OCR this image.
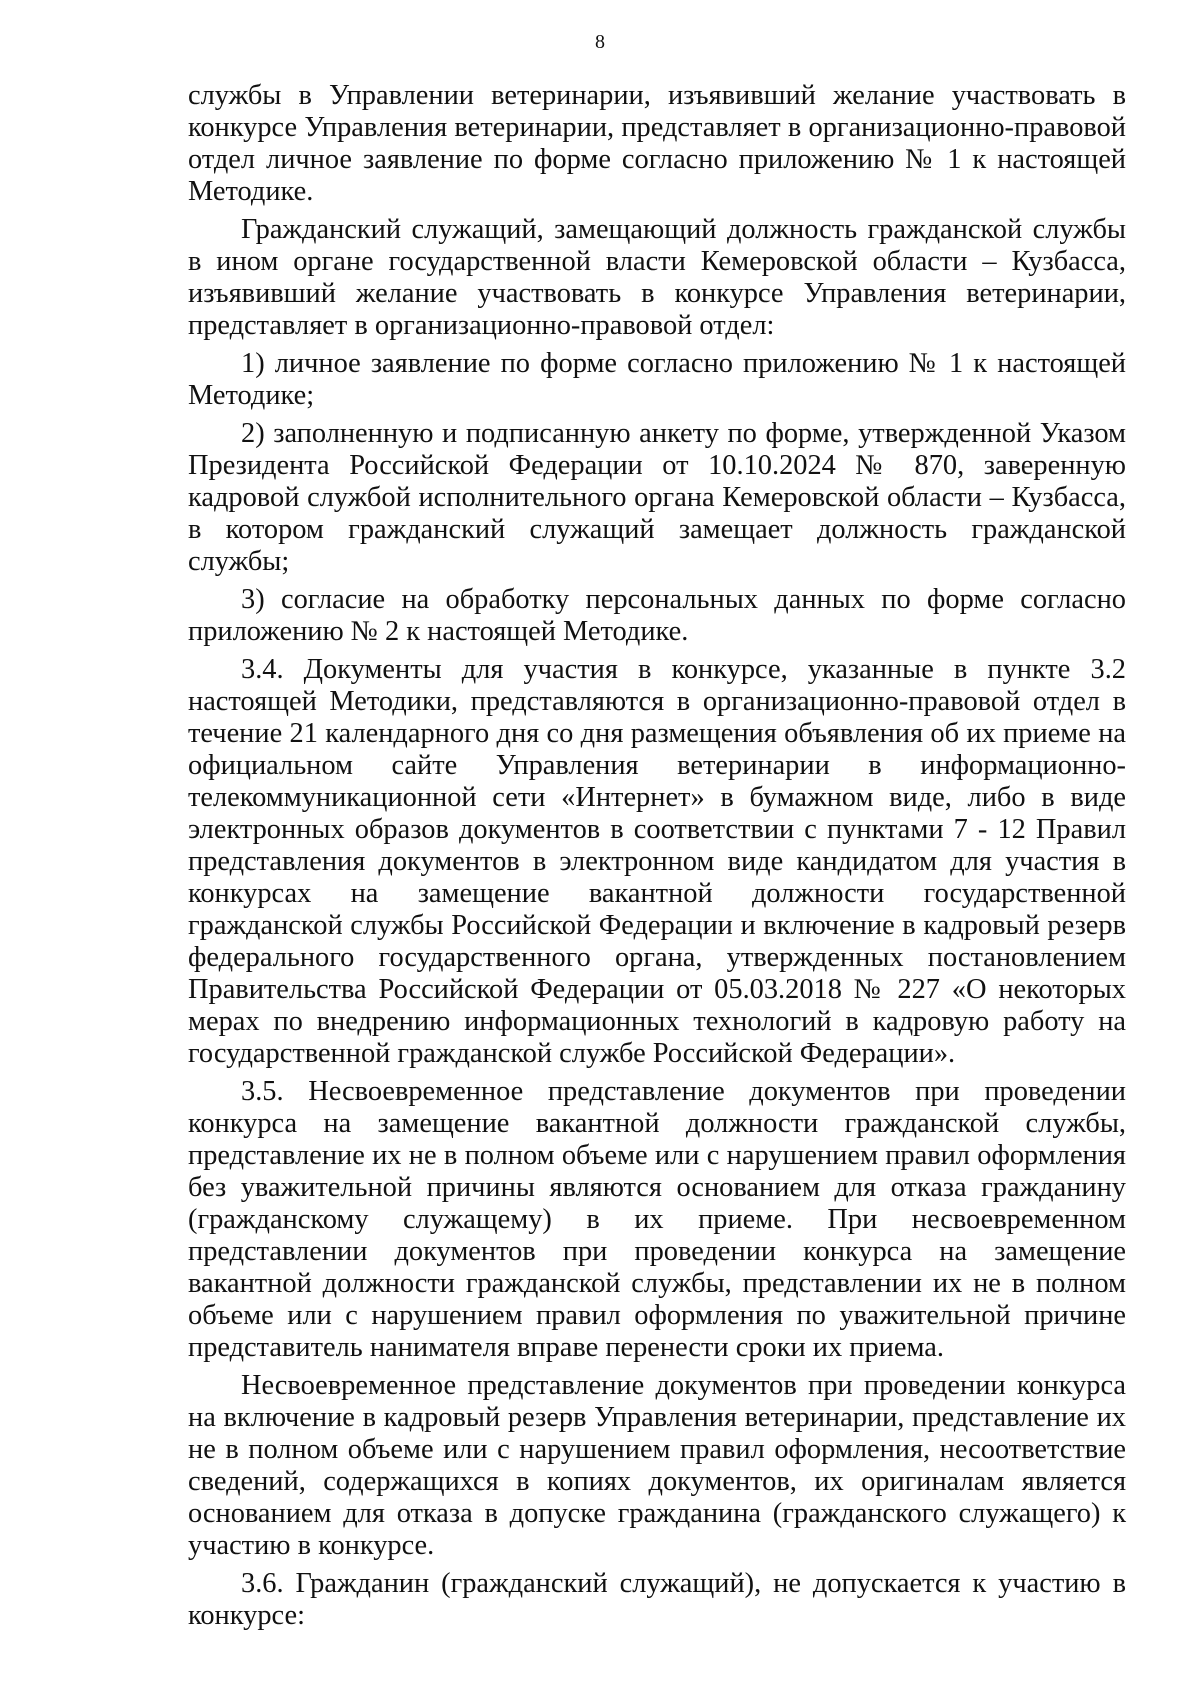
8

службы в Управлении ветеринарии, изъявивший желание участвовать в конкурсе Управления ветеринарии, представляет в организационно-правовой отдел личное заявление по форме согласно приложению № 1 к настоящей Методике.

Гражданский служащий, замещающий должность гражданской службы в ином органе государственной власти Кемеровской области – Кузбасса, изъявивший желание участвовать в конкурсе Управления ветеринарии, представляет в организационно-правовой отдел:

1) личное заявление по форме согласно приложению № 1 к настоящей Методике;

2) заполненную и подписанную анкету по форме, утвержденной Указом Президента Российской Федерации от 10.10.2024 № 870, заверенную кадровой службой исполнительного органа Кемеровской области – Кузбасса, в котором гражданский служащий замещает должность гражданской службы;

3) согласие на обработку персональных данных по форме согласно приложению № 2 к настоящей Методике.

3.4. Документы для участия в конкурсе, указанные в пункте 3.2 настоящей Методики, представляются в организационно-правовой отдел в течение 21 календарного дня со дня размещения объявления об их приеме на официальном сайте Управления ветеринарии в информационно-телекоммуникационной сети «Интернет» в бумажном виде, либо в виде электронных образов документов в соответствии с пунктами 7 - 12 Правил представления документов в электронном виде кандидатом для участия в конкурсах на замещение вакантной должности государственной гражданской службы Российской Федерации и включение в кадровый резерв федерального государственного органа, утвержденных постановлением Правительства Российской Федерации от 05.03.2018 № 227 «О некоторых мерах по внедрению информационных технологий в кадровую работу на государственной гражданской службе Российской Федерации».

3.5. Несвоевременное представление документов при проведении конкурса на замещение вакантной должности гражданской службы, представление их не в полном объеме или с нарушением правил оформления без уважительной причины являются основанием для отказа гражданину (гражданскому служащему) в их приеме. При несвоевременном представлении документов при проведении конкурса на замещение вакантной должности гражданской службы, представлении их не в полном объеме или с нарушением правил оформления по уважительной причине представитель нанимателя вправе перенести сроки их приема.

Несвоевременное представление документов при проведении конкурса на включение в кадровый резерв Управления ветеринарии, представление их не в полном объеме или с нарушением правил оформления, несоответствие сведений, содержащихся в копиях документов, их оригиналам является основанием для отказа в допуске гражданина (гражданского служащего) к участию в конкурсе.

3.6. Гражданин (гражданский служащий), не допускается к участию в конкурсе:
